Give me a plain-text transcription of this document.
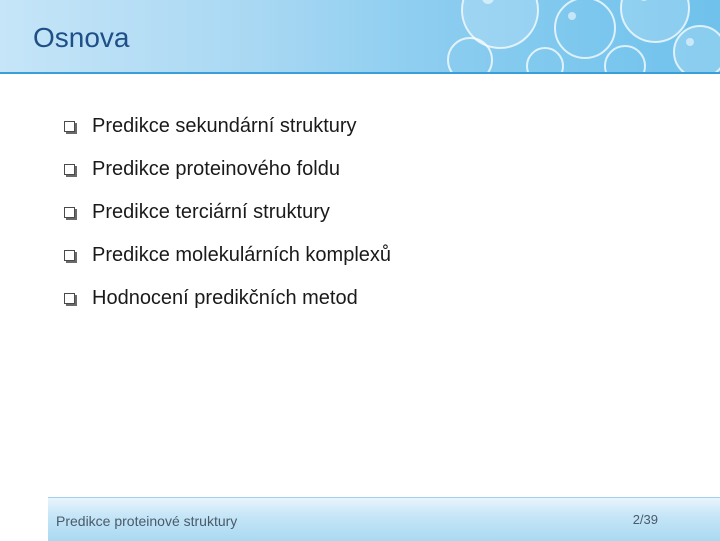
Osnova
Predikce sekundární struktury
Predikce proteinového foldu
Predikce terciární struktury
Predikce molekulárních komplexů
Hodnocení predikčních metod
Predikce proteinové struktury	2/39
